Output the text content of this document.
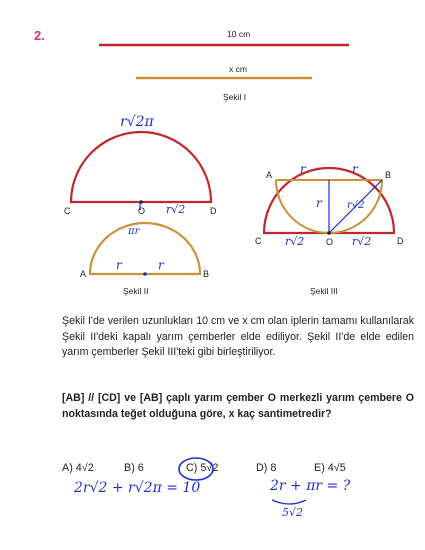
2.	10 cm
x cm
Şekil I
C	O	D
A	B
Şekil II
r√2π
r√2
πr
r	r
A	B
C	O	D
Şekil III
r	r
r	r√2
r√2	r√2
Şekil I'de verilen uzunlukları 10 cm ve x cm olan iplerin tamamı kullanılarak Şekil II'deki kapalı yarım çemberler elde ediliyor. Şekil II'de elde edilen yarım çemberler Şekil III'teki gibi birleştiriliyor.
[AB] // [CD] ve [AB] çaplı yarım çember O merkezli yarım çembere O noktasında teğet olduğuna göre, x kaç santimetredir?
A) 4√2	B) 6	C) 5√2	D) 8	E) 4√5
2r√2 + r√2π = 10	2r + πr = ?
5√2
